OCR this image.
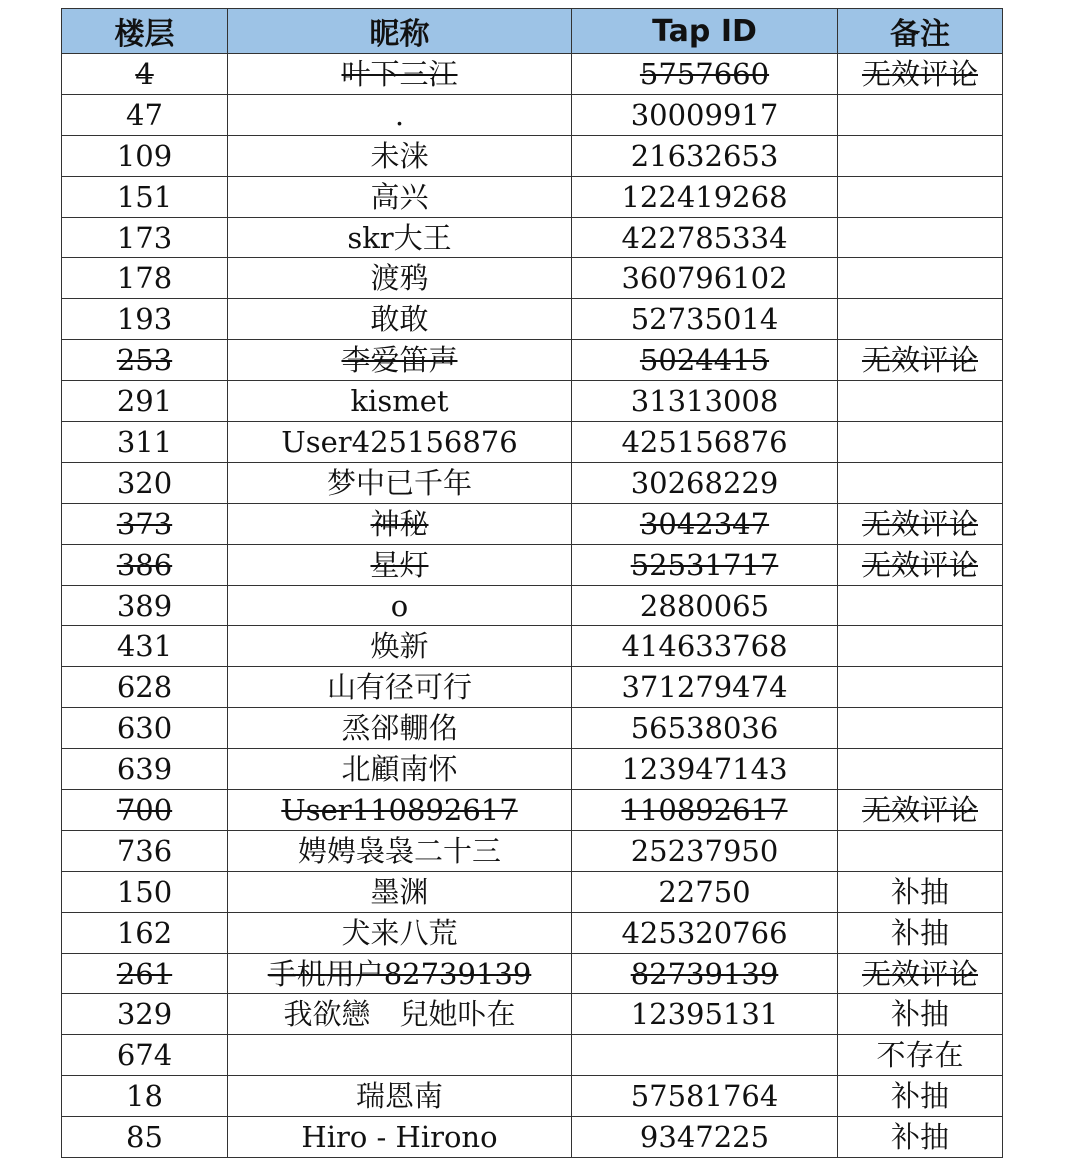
楼层	昵称	Tap ID	备注
4	叶下三江	5757660	无效评论
47	.	30009917	
109	未涞	21632653	
151	高兴	122419268	
173	skr大王	422785334	
178	渡鸦	360796102	
193	敢敢	52735014	
253	李爱笛声	5024415	无效评论
291	kismet	31313008	
311	User425156876	425156876	
320	梦中已千年	30268229	
373	神秘	3042347	无效评论
386	星灯	52531717	无效评论
389	o	2880065	
431	焕新	414633768	
628	山有径可行	371279474	
630	烝郤輣佲	56538036	
639	北顧南怀	123947143	
700	User110892617	110892617	无效评论
736	娉娉袅袅二十三	25237950	
150	墨渊	22750	补抽
162	犬来八荒	425320766	补抽
261	手机用户82739139	82739139	无效评论
329	我欲戀　兒她卟在	12395131	补抽
674			不存在
18	瑞恩南	57581764	补抽
85	Hiro - Hirono	9347225	补抽
